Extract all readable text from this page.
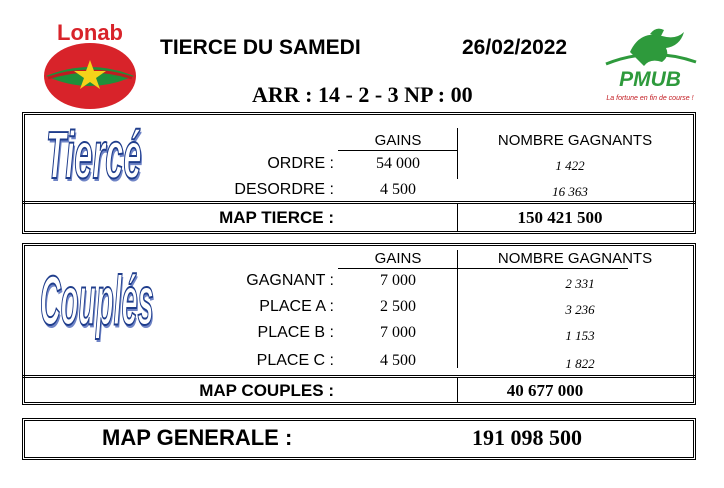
Lonab
TIERCE DU SAMEDI	26/02/2022
ARR : 14 - 2 - 3 NP : 00
PMUB
La fortune en fin de course !
Tiercé	GAINS	NOMBRE GAGNANTS
ORDRE :	54 000	1 422
DESORDRE :	4 500	16 363
MAP TIERCE :	150 421 500
Couplés
GAINS	NOMBRE GAGNANTS
GAGNANT :	7 000	2 331
PLACE A :	2 500	3 236
PLACE B :	7 000	1 153
PLACE C :	4 500	1 822
MAP COUPLES :	40 677 000
MAP GENERALE :	191 098 500
